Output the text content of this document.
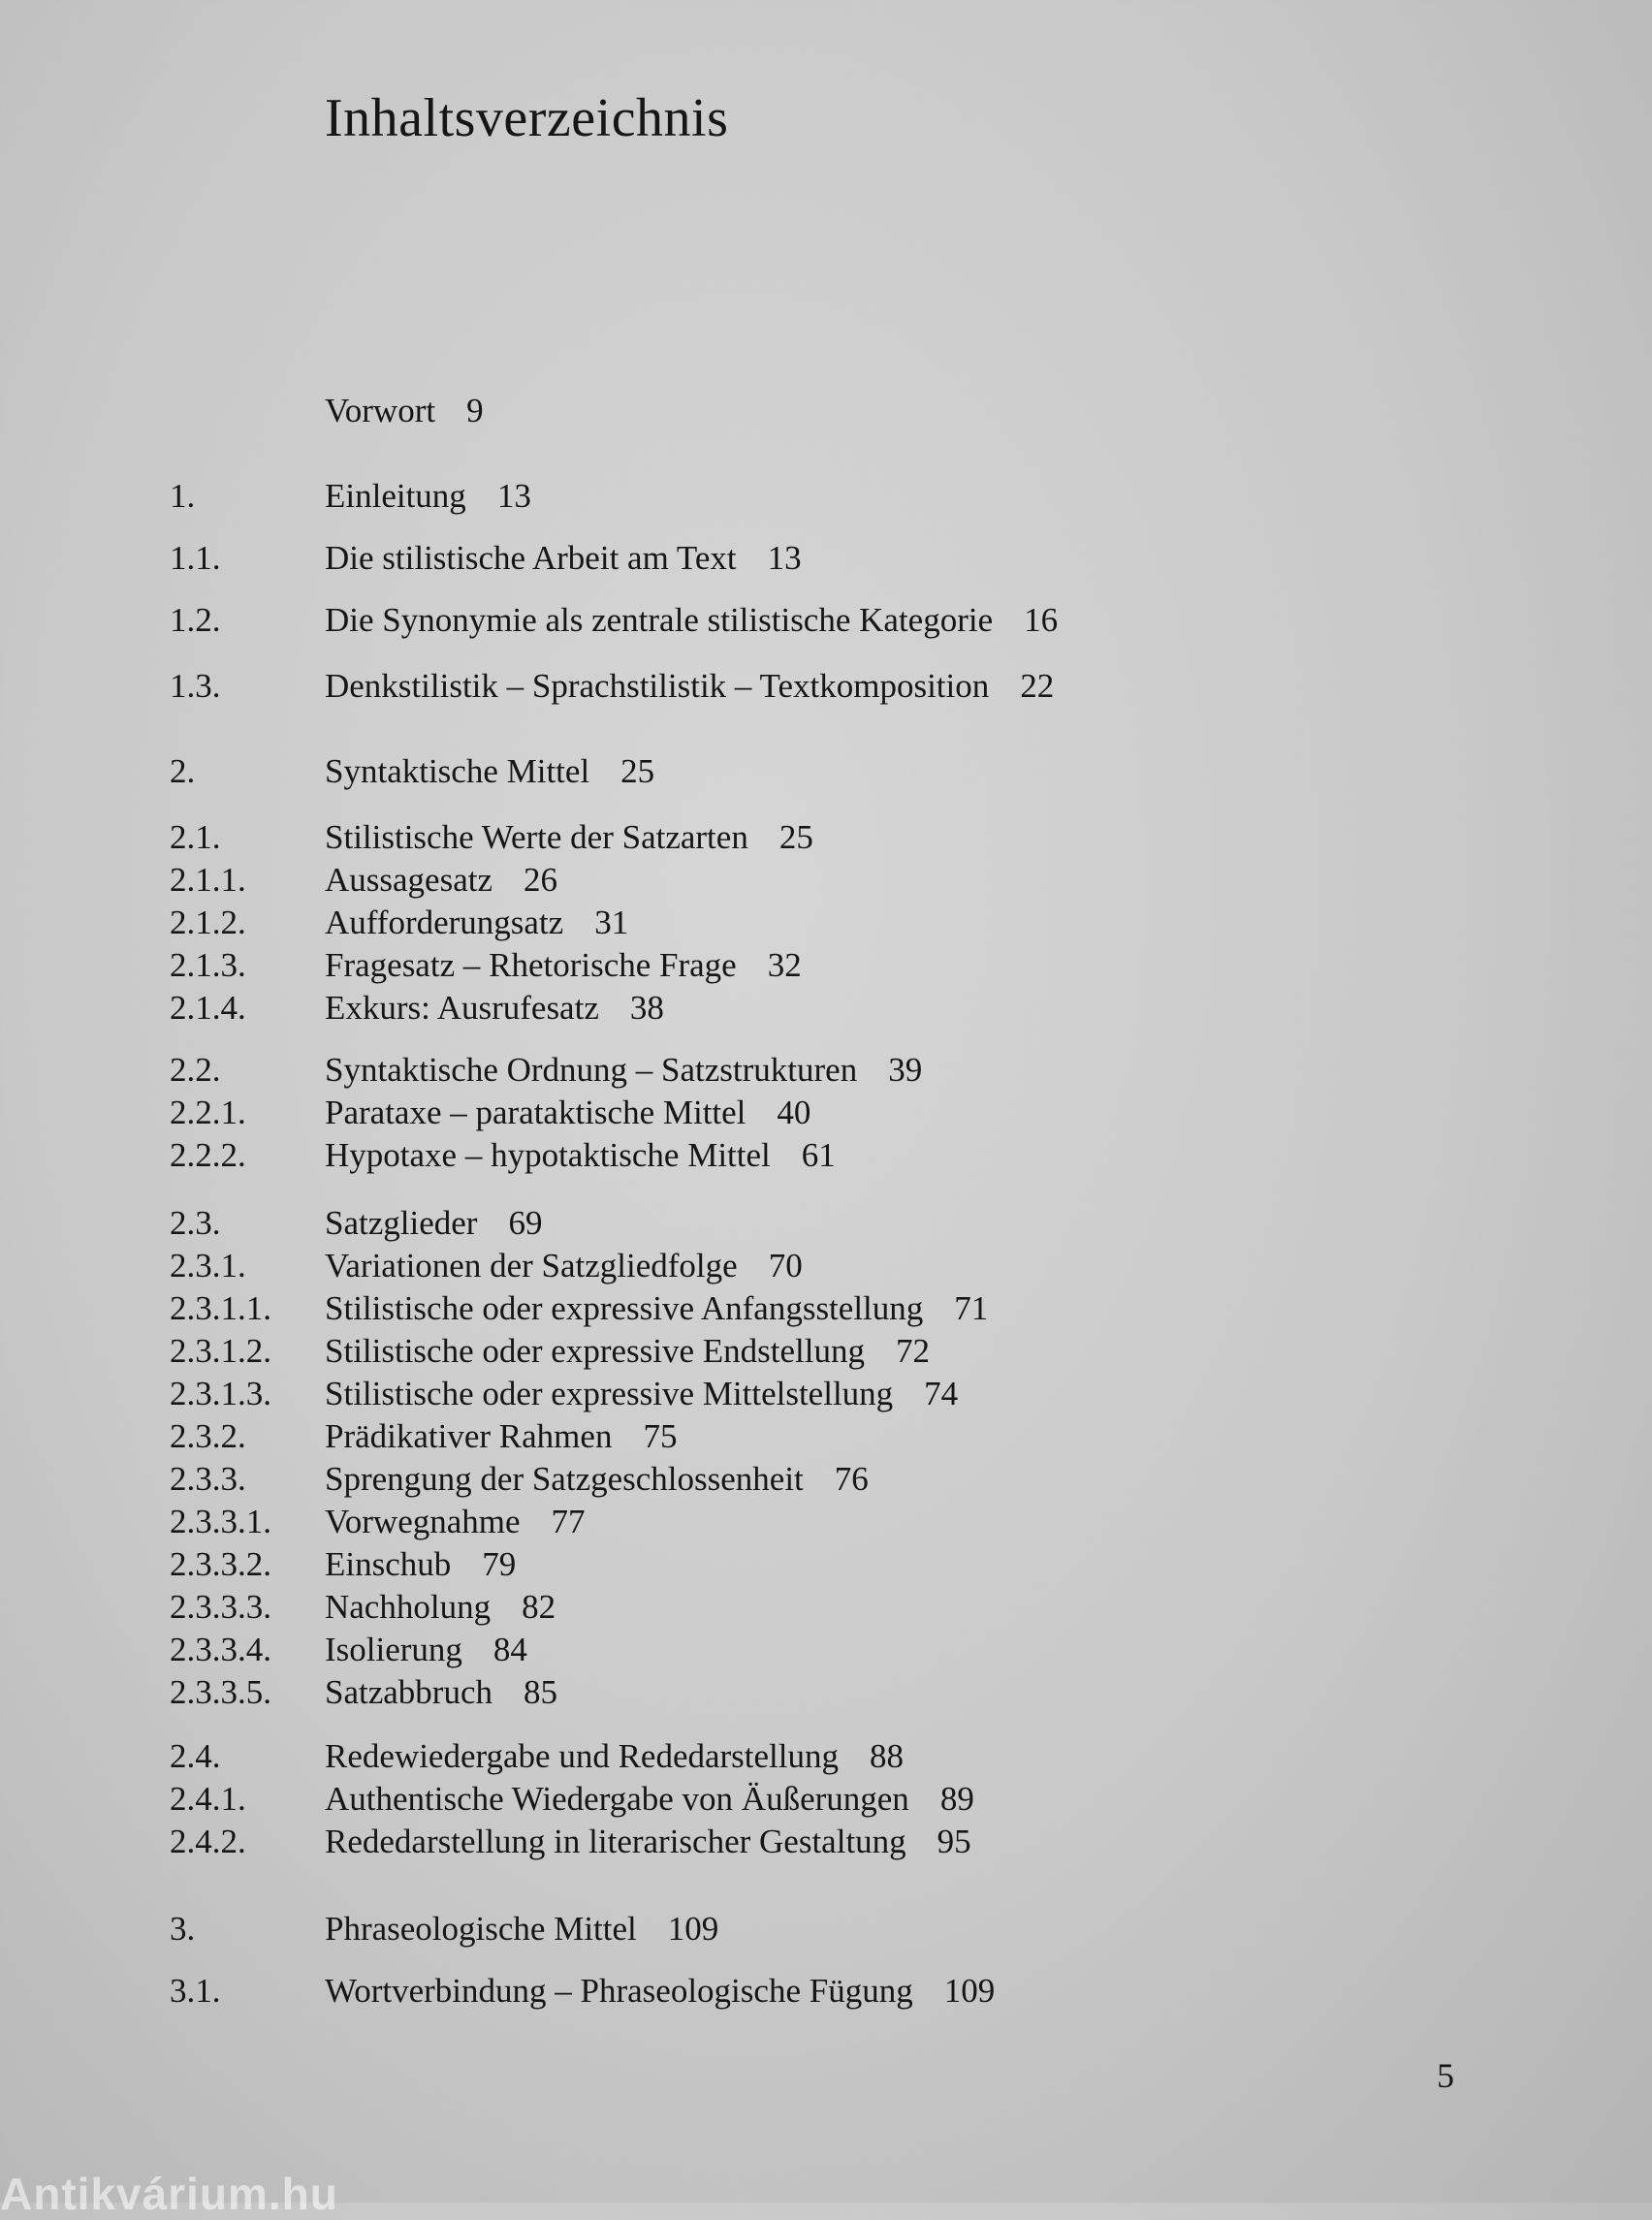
Inhaltsverzeichnis
Vorwort 9
1.	Einleitung 13
1.1.	Die stilistische Arbeit am Text 13
1.2.	Die Synonymie als zentrale stilistische Kategorie 16
1.3.	Denkstilistik – Sprachstilistik – Textkomposition 22
2.	Syntaktische Mittel 25
2.1.	Stilistische Werte der Satzarten 25
2.1.1. Aussagesatz 26
2.1.2. Aufforderungsatz 31
2.1.3. Fragesatz – Rhetorische Frage 32
2.1.4. Exkurs: Ausrufesatz 38
2.2.	Syntaktische Ordnung – Satzstrukturen 39
2.2.1. Parataxe – parataktische Mittel 40
2.2.2. Hypotaxe – hypotaktische Mittel 61
2.3.	Satzglieder 69
2.3.1. Variationen der Satzgliedfolge 70
2.3.1.1. Stilistische oder expressive Anfangsstellung 71
2.3.1.2. Stilistische oder expressive Endstellung 72
2.3.1.3. Stilistische oder expressive Mittelstellung 74
2.3.2. Prädikativer Rahmen 75
2.3.3. Sprengung der Satzgeschlossenheit 76
2.3.3.1. Vorwegnahme 77
2.3.3.2. Einschub 79
2.3.3.3. Nachholung 82
2.3.3.4. Isolierung 84
2.3.3.5. Satzabbruch 85
2.4.	Redewiedergabe und Rededarstellung 88
2.4.1. Authentische Wiedergabe von Äußerungen 89
2.4.2. Rededarstellung in literarischer Gestaltung 95
3.	Phraseologische Mittel 109
3.1.	Wortverbindung – Phraseologische Fügung 109
5
Antikvárium.hu
